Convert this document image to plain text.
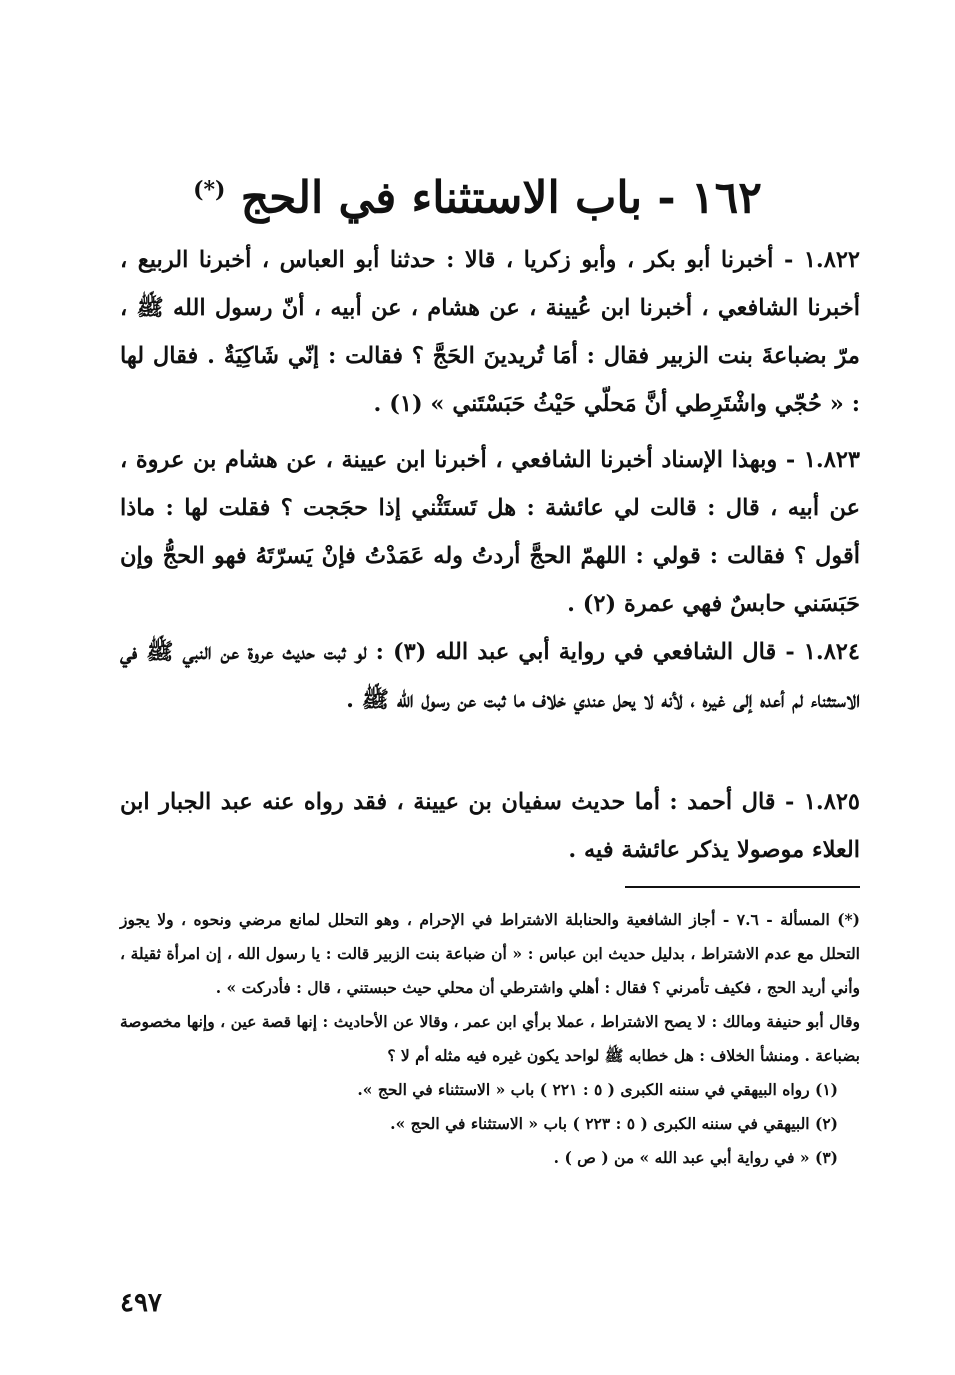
١٦٢ - باب الاستثناء في الحج (*)

١.٨٢٢ - أخبرنا أبو بكر ، وأبو زكريا ، قالا : حدثنا أبو العباس ، أخبرنا الربيع ، أخبرنا الشافعي ، أخبرنا ابن عُيينة ، عن هشام ، عن أبيه ، أنّ رسول الله ﷺ ، مرّ بضباعةَ بنت الزبير فقال : أمَا تُريدينَ الحَجَّ ؟ فقالت : إنّي شَاكِيَةٌ . فقال لها : « حُجّي واشْتَرِطي أنَّ مَحلّي حَيْثُ حَبَسْتَني » (١) .

١.٨٢٣ - وبهذا الإسناد أخبرنا الشافعي ، أخبرنا ابن عيينة ، عن هشام بن عروة ، عن أبيه ، قال : قالت لي عائشة : هل تَستَثْني إذا حجَجت ؟ فقلت لها : ماذا أقول ؟ فقالت : قولي : اللهمّ الحجَّ أردتُ وله عَمَدْتُ فإنْ يَسرّتَهُ فهو الحجُّ وإن حَبَسَني حابسٌ فهي عمرة (٢) .

١.٨٢٤ - قال الشافعي في رواية أبي عبد الله (٣) : لو ثبت حديث عروة عن النبي ﷺ في الاستثناء لم أعده إلى غيره ، لأنه لا يحل عندي خلاف ما ثبت عن رسول الله ﷺ .

١.٨٢٥ - قال أحمد : أما حديث سفيان بن عيينة ، فقد رواه عنه عبد الجبار ابن العلاء موصولا يذكر عائشة فيه .

(*) المسألة - ٧.٦ - أجاز الشافعية والحنابلة الاشتراط في الإحرام ، وهو التحلل لمانع مرضي ونحوه ، ولا يجوز التحلل مع عدم الاشتراط ، بدليل حديث ابن عباس : « أن ضباعة بنت الزبير قالت : يا رسول الله ، إن امرأة ثقيلة ، وأني أريد الحج ، فكيف تأمرني ؟ فقال : أهلي واشترطي أن محلي حيث حبستني ، قال : فأدركت » .

وقال أبو حنيفة ومالك : لا يصح الاشتراط ، عملا برأي ابن عمر ، وقالا عن الأحاديث : إنها قصة عين ، وإنها مخصوصة بضباعة . ومنشأ الخلاف : هل خطابه ﷺ لواحد يكون غيره فيه مثله أم لا ؟

(١) رواه البيهقي في سننه الكبرى ( ٥ : ٢٢١ ) باب « الاستثناء في الحج ».

(٢) البيهقي في سننه الكبرى ( ٥ : ٢٢٣ ) باب « الاستثناء في الحج ».

(٣) « في رواية أبي عبد الله » من ( ص ) .

٤٩٧
